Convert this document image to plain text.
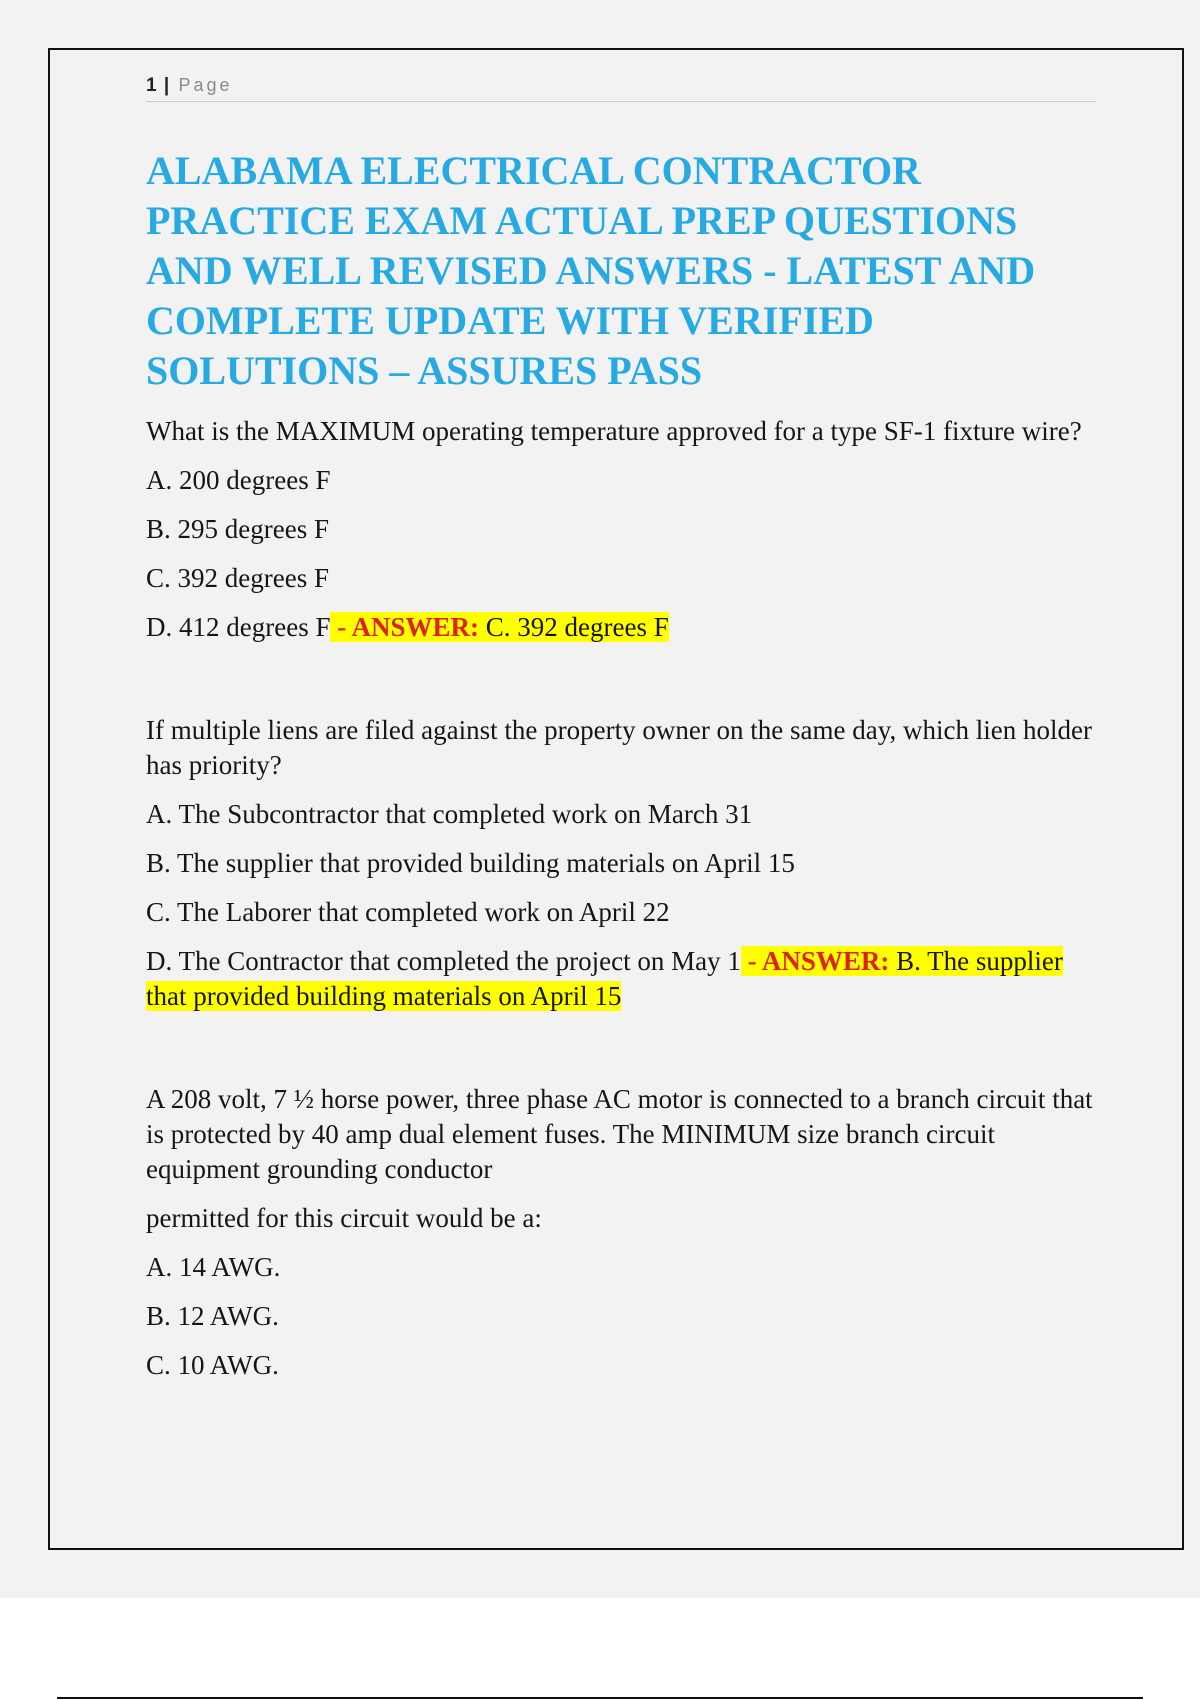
1 | Page
ALABAMA ELECTRICAL CONTRACTOR PRACTICE EXAM ACTUAL PREP QUESTIONS AND WELL REVISED ANSWERS - LATEST AND COMPLETE UPDATE WITH VERIFIED SOLUTIONS – ASSURES PASS

What is the MAXIMUM operating temperature approved for a type SF-1 fixture wire?

A. 200 degrees F

B. 295 degrees F

C. 392 degrees F

D. 412 degrees F - ANSWER: C. 392 degrees F

If multiple liens are filed against the property owner on the same day, which lien holder has priority?

A. The Subcontractor that completed work on March 31

B. The supplier that provided building materials on April 15

C. The Laborer that completed work on April 22

D. The Contractor that completed the project on May 1 - ANSWER: B. The supplier that provided building materials on April 15

A 208 volt, 7 ½ horse power, three phase AC motor is connected to a branch circuit that is protected by 40 amp dual element fuses. The MINIMUM size branch circuit equipment grounding conductor

permitted for this circuit would be a:

A. 14 AWG.

B. 12 AWG.

C. 10 AWG.
